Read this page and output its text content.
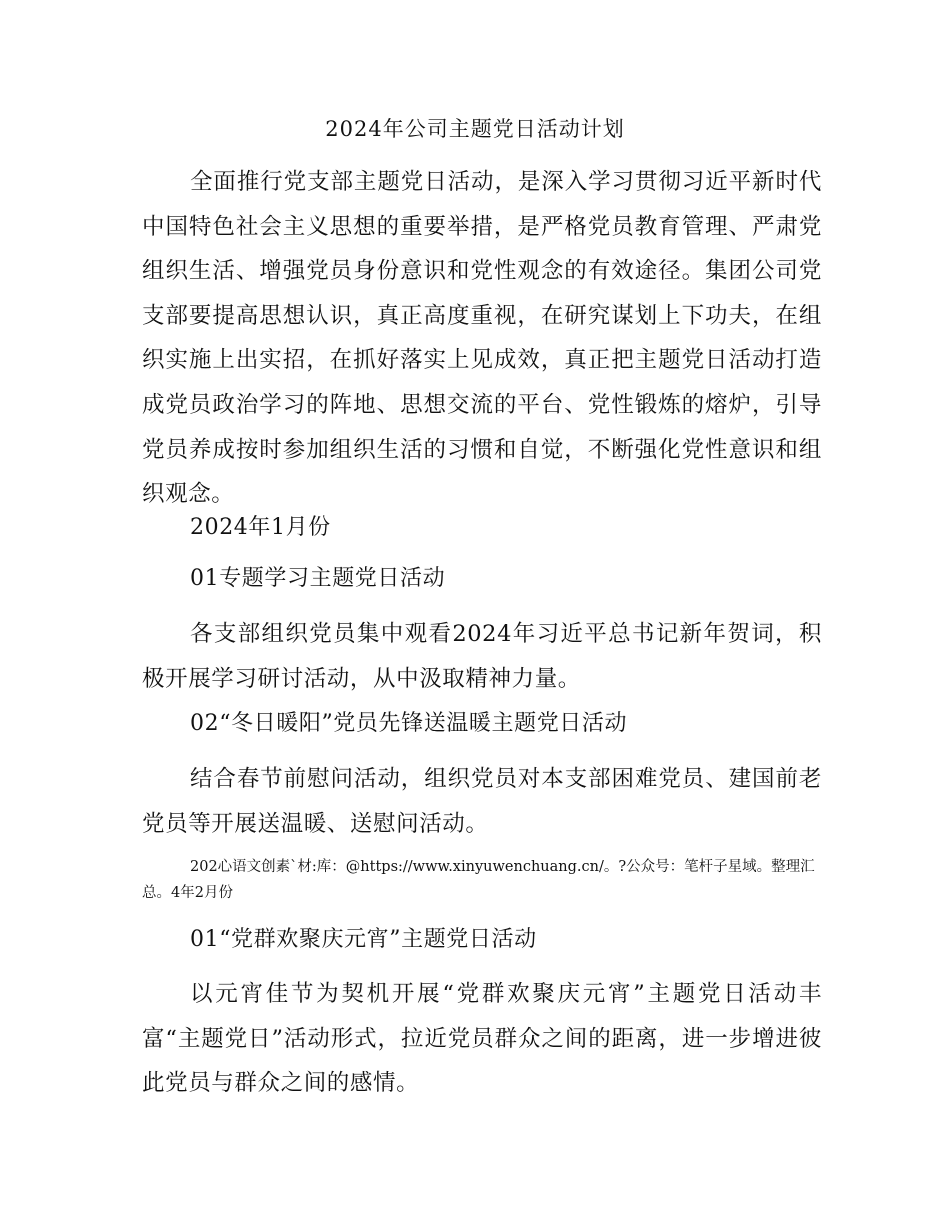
2024年公司主题党日活动计划
全面推行党支部主题党日活动，是深入学习贯彻习近平新时代中国特色社会主义思想的重要举措，是严格党员教育管理、严肃党组织生活、增强党员身份意识和党性观念的有效途径。集团公司党支部要提高思想认识，真正高度重视，在研究谋划上下功夫，在组织实施上出实招，在抓好落实上见成效，真正把主题党日活动打造成党员政治学习的阵地、思想交流的平台、党性锻炼的熔炉，引导党员养成按时参加组织生活的习惯和自觉，不断强化党性意识和组织观念。
2024年1月份
01专题学习主题党日活动
各支部组织党员集中观看2024年习近平总书记新年贺词，积极开展学习研讨活动，从中汲取精神力量。
02“冬日暖阳”党员先锋送温暖主题党日活动
结合春节前慰问活动，组织党员对本支部困难党员、建国前老党员等开展送温暖、送慰问活动。
202心语文创素`材:库：@https://www.xinyuwenchuang.cn/。?公众号：笔杆子星域。整理汇总。4年2月份
01“党群欢聚庆元宵”主题党日活动
以元宵佳节为契机开展“党群欢聚庆元宵”主题党日活动丰富“主题党日”活动形式，拉近党员群众之间的距离，进一步增进彼此党员与群众之间的感情。
